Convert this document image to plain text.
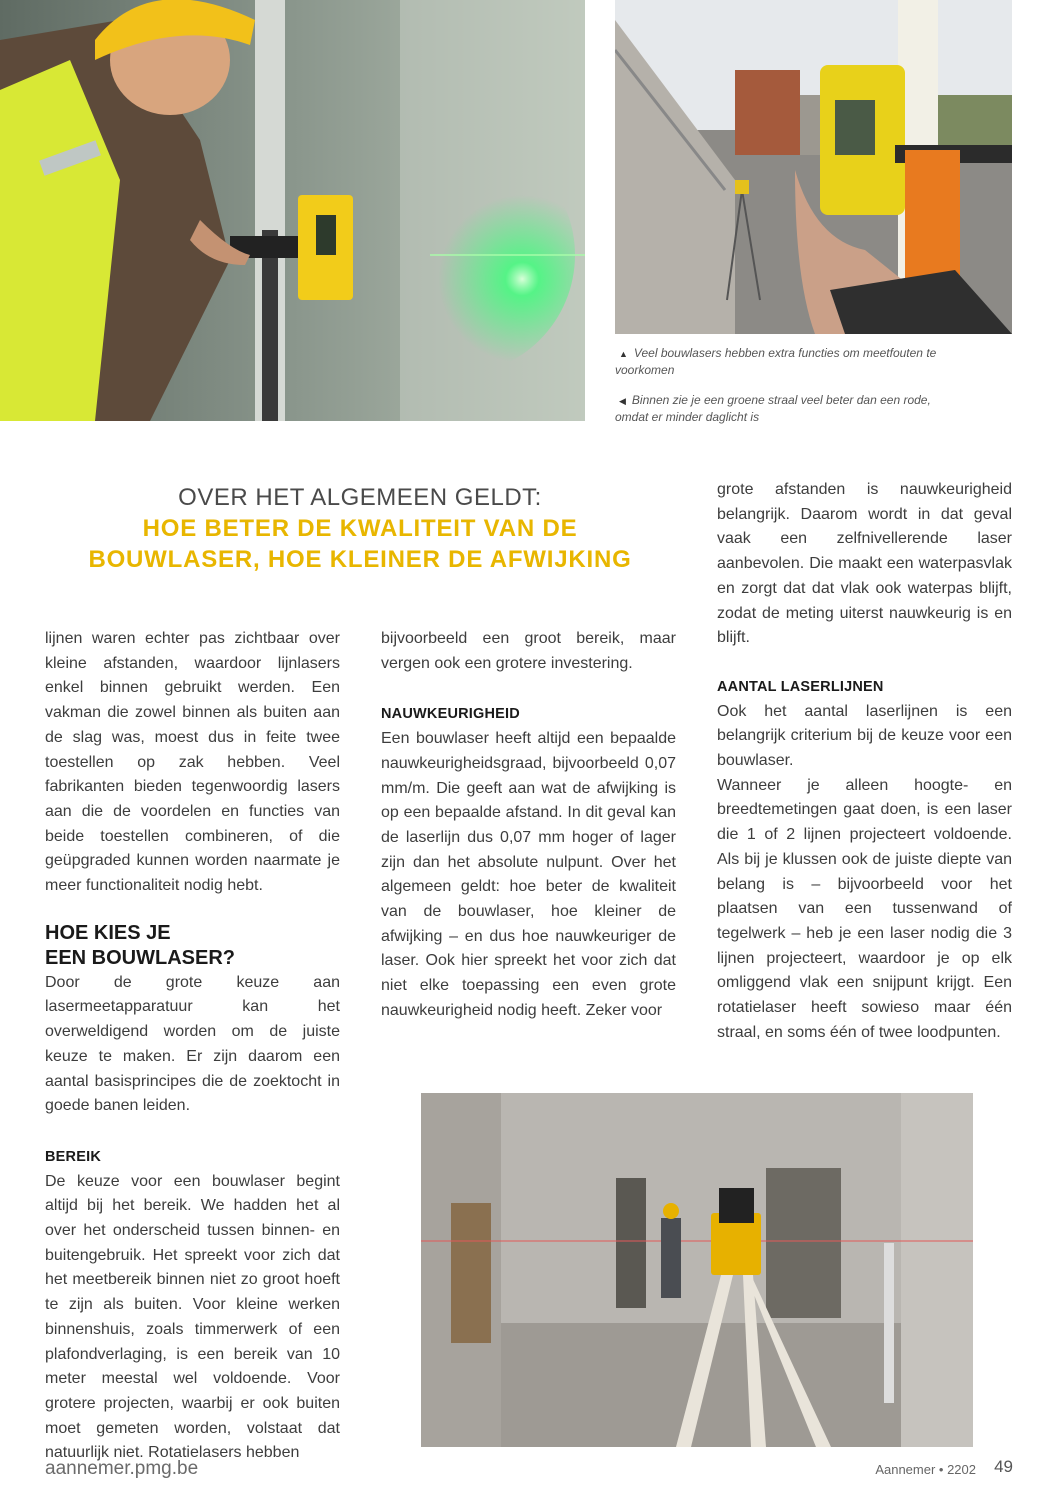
▲ Veel bouwlasers hebben extra functies om meetfouten te voorkomen
◀ Binnen zie je een groene straal veel beter dan een rode, omdat er minder daglicht is
OVER HET ALGEMEEN GELDT:
HOE BETER DE KWALITEIT VAN DE
BOUWLASER, HOE KLEINER DE AFWIJKING

lijnen waren echter pas zichtbaar over kleine afstanden, waardoor lijnlasers enkel binnen gebruikt werden. Een vakman die zowel binnen als buiten aan de slag was, moest dus in feite twee toestellen op zak hebben. Veel fabrikanten bieden tegenwoordig lasers aan die de voordelen en functies van beide toestellen combineren, of die geüpgraded kunnen worden naarmate je meer functionaliteit nodig hebt.

HOE KIES JE
EEN BOUWLASER?

Door de grote keuze aan lasermeetapparatuur kan het overweldigend worden om de juiste keuze te maken. Er zijn daarom een aantal basisprincipes die de zoektocht in goede banen leiden.

BEREIK

De keuze voor een bouwlaser begint altijd bij het bereik. We hadden het al over het onderscheid tussen binnen- en buitengebruik. Het spreekt voor zich dat het meetbereik binnen niet zo groot hoeft te zijn als buiten. Voor kleine werken binnenshuis, zoals timmerwerk of een plafondverlaging, is een bereik van 10 meter meestal wel voldoende. Voor grotere projecten, waarbij er ook buiten moet gemeten worden, volstaat dat natuurlijk niet. Rotatielasers hebben

bijvoorbeeld een groot bereik, maar vergen ook een grotere investering.

NAUWKEURIGHEID

Een bouwlaser heeft altijd een bepaalde nauwkeurigheidsgraad, bijvoorbeeld 0,07 mm/m. Die geeft aan wat de afwijking is op een bepaalde afstand. In dit geval kan de laserlijn dus 0,07 mm hoger of lager zijn dan het absolute nulpunt. Over het algemeen geldt: hoe beter de kwaliteit van de bouwlaser, hoe kleiner de afwijking – en dus hoe nauwkeuriger de laser. Ook hier spreekt het voor zich dat niet elke toepassing een even grote nauwkeurigheid nodig heeft. Zeker voor

grote afstanden is nauwkeurigheid belangrijk. Daarom wordt in dat geval vaak een zelfnivellerende laser aanbevolen. Die maakt een waterpasvlak en zorgt dat dat vlak ook waterpas blijft, zodat de meting uiterst nauwkeurig is en blijft.

AANTAL LASERLIJNEN

Ook het aantal laserlijnen is een belangrijk criterium bij de keuze voor een bouwlaser.

Wanneer je alleen hoogte- en breedtemetingen gaat doen, is een laser die 1 of 2 lijnen projecteert voldoende. Als bij je klussen ook de juiste diepte van belang is – bijvoorbeeld voor het plaatsen van een tussenwand of tegelwerk – heb je een laser nodig die 3 lijnen projecteert, waardoor je op elk omliggend vlak een snijpunt krijgt. Een rotatielaser heeft sowieso maar één straal, en soms één of twee loodpunten.

aannemer.pmg.be	Aannemer • 2202 49
